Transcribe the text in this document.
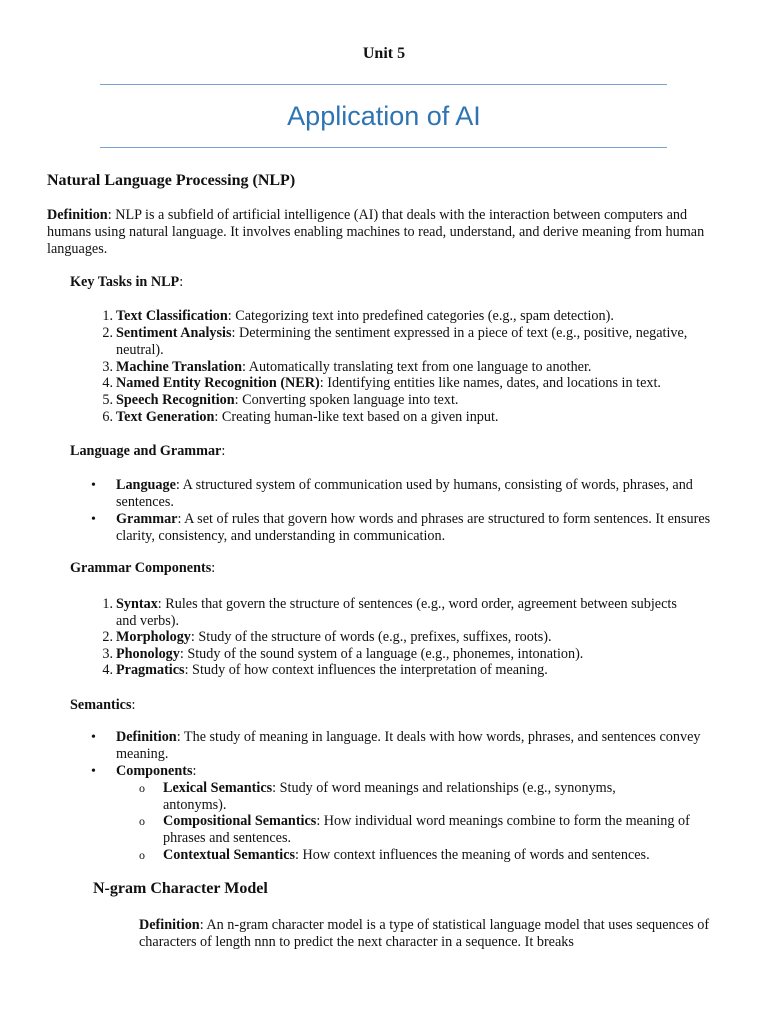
Unit 5
Application of AI
Natural Language Processing (NLP)
Definition: NLP is a subfield of artificial intelligence (AI) that deals with the interaction between computers and humans using natural language. It involves enabling machines to read, understand, and derive meaning from human languages.
Key Tasks in NLP:
1. Text Classification: Categorizing text into predefined categories (e.g., spam detection).
2. Sentiment Analysis: Determining the sentiment expressed in a piece of text (e.g., positive, negative, neutral).
3. Machine Translation: Automatically translating text from one language to another.
4. Named Entity Recognition (NER): Identifying entities like names, dates, and locations in text.
5. Speech Recognition: Converting spoken language into text.
6. Text Generation: Creating human-like text based on a given input.
Language and Grammar:
• Language: A structured system of communication used by humans, consisting of words, phrases, and sentences.
• Grammar: A set of rules that govern how words and phrases are structured to form sentences. It ensures clarity, consistency, and understanding in communication.
Grammar Components:
1. Syntax: Rules that govern the structure of sentences (e.g., word order, agreement between subjects and verbs).
2. Morphology: Study of the structure of words (e.g., prefixes, suffixes, roots).
3. Phonology: Study of the sound system of a language (e.g., phonemes, intonation).
4. Pragmatics: Study of how context influences the interpretation of meaning.
Semantics:
• Definition: The study of meaning in language. It deals with how words, phrases, and sentences convey meaning.
• Components:
o Lexical Semantics: Study of word meanings and relationships (e.g., synonyms, antonyms).
o Compositional Semantics: How individual word meanings combine to form the meaning of phrases and sentences.
o Contextual Semantics: How context influences the meaning of words and sentences.
N-gram Character Model
Definition: An n-gram character model is a type of statistical language model that uses sequences of characters of length nnn to predict the next character in a sequence. It breaks
